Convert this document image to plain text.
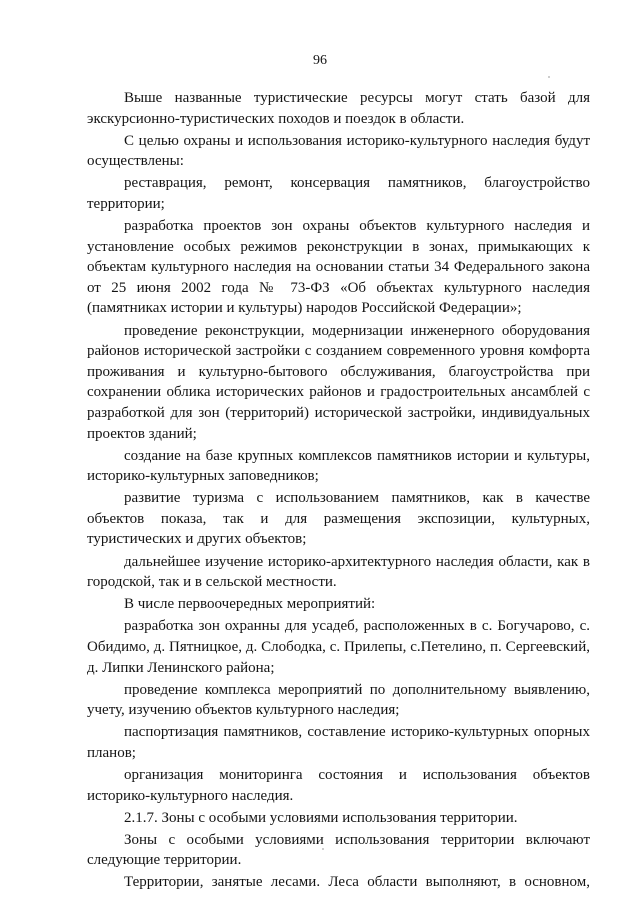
96

Выше названные туристические ресурсы могут стать базой для экскурсионно-туристических походов и поездок в области.

С целью охраны и использования историко-культурного наследия будут осуществлены:

реставрация, ремонт, консервация памятников, благоустройство территории;

разработка проектов зон охраны объектов культурного наследия и установление особых режимов реконструкции в зонах, примыкающих к объектам культурного наследия на основании статьи 34 Федерального закона от 25 июня 2002 года № 73-ФЗ «Об объектах культурного наследия (памятниках истории и культуры) народов Российской Федерации»;

проведение реконструкции, модернизации инженерного оборудования районов исторической застройки с созданием современного уровня комфорта проживания и культурно-бытового обслуживания, благоустройства при сохранении облика исторических районов и градостроительных ансамблей с разработкой для зон (территорий) исторической застройки, индивидуальных проектов зданий;

создание на базе крупных комплексов памятников истории и культуры, историко-культурных заповедников;

развитие туризма с использованием памятников, как в качестве объектов показа, так и для размещения экспозиции, культурных, туристических и других объектов;

дальнейшее изучение историко-архитектурного наследия области, как в городской, так и в сельской местности.

В числе первоочередных мероприятий:

разработка зон охранны для усадеб, расположенных в с. Богучарово, с. Обидимо, д. Пятницкое, д. Слободка, с. Прилепы, с.Петелино, п. Сергеевский, д. Липки Ленинского района;

проведение комплекса мероприятий по дополнительному выявлению, учету, изучению объектов культурного наследия;

паспортизация памятников, составление историко-культурных опорных планов;

организация мониторинга состояния и использования объектов историко-культурного наследия.

2.1.7. Зоны с особыми условиями использования территории.

Зоны с особыми условиями использования территории включают следующие территории.

Территории, занятые лесами. Леса области выполняют, в основном,
